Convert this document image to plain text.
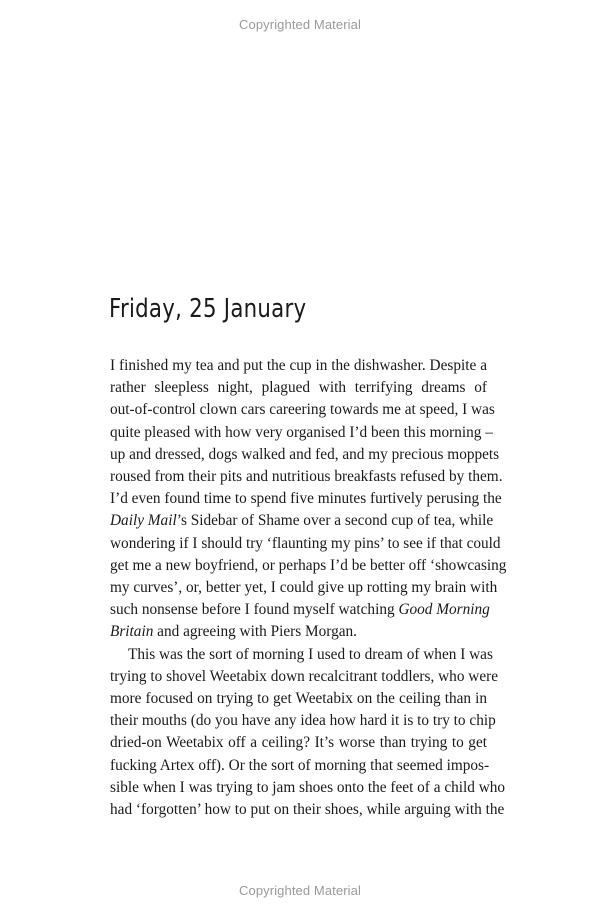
Copyrighted Material
Friday, 25 January

I finished my tea and put the cup in the dishwasher. Despite a
rather sleepless night, plagued with terrifying dreams of
out-of-control clown cars careering towards me at speed, I was
quite pleased with how very organised I’d been this morning –
up and dressed, dogs walked and fed, and my precious moppets
roused from their pits and nutritious breakfasts refused by them.
I’d even found time to spend five minutes furtively perusing the
Daily Mail’s Sidebar of Shame over a second cup of tea, while
wondering if I should try ‘flaunting my pins’ to see if that could
get me a new boyfriend, or perhaps I’d be better off ‘showcasing
my curves’, or, better yet, I could give up rotting my brain with
such nonsense before I found myself watching Good Morning
Britain and agreeing with Piers Morgan.

This was the sort of morning I used to dream of when I was
trying to shovel Weetabix down recalcitrant toddlers, who were
more focused on trying to get Weetabix on the ceiling than in
their mouths (do you have any idea how hard it is to try to chip
dried-on Weetabix off a ceiling? It’s worse than trying to get
fucking Artex off). Or the sort of morning that seemed impos-
sible when I was trying to jam shoes onto the feet of a child who
had ‘forgotten’ how to put on their shoes, while arguing with the

Copyrighted Material
